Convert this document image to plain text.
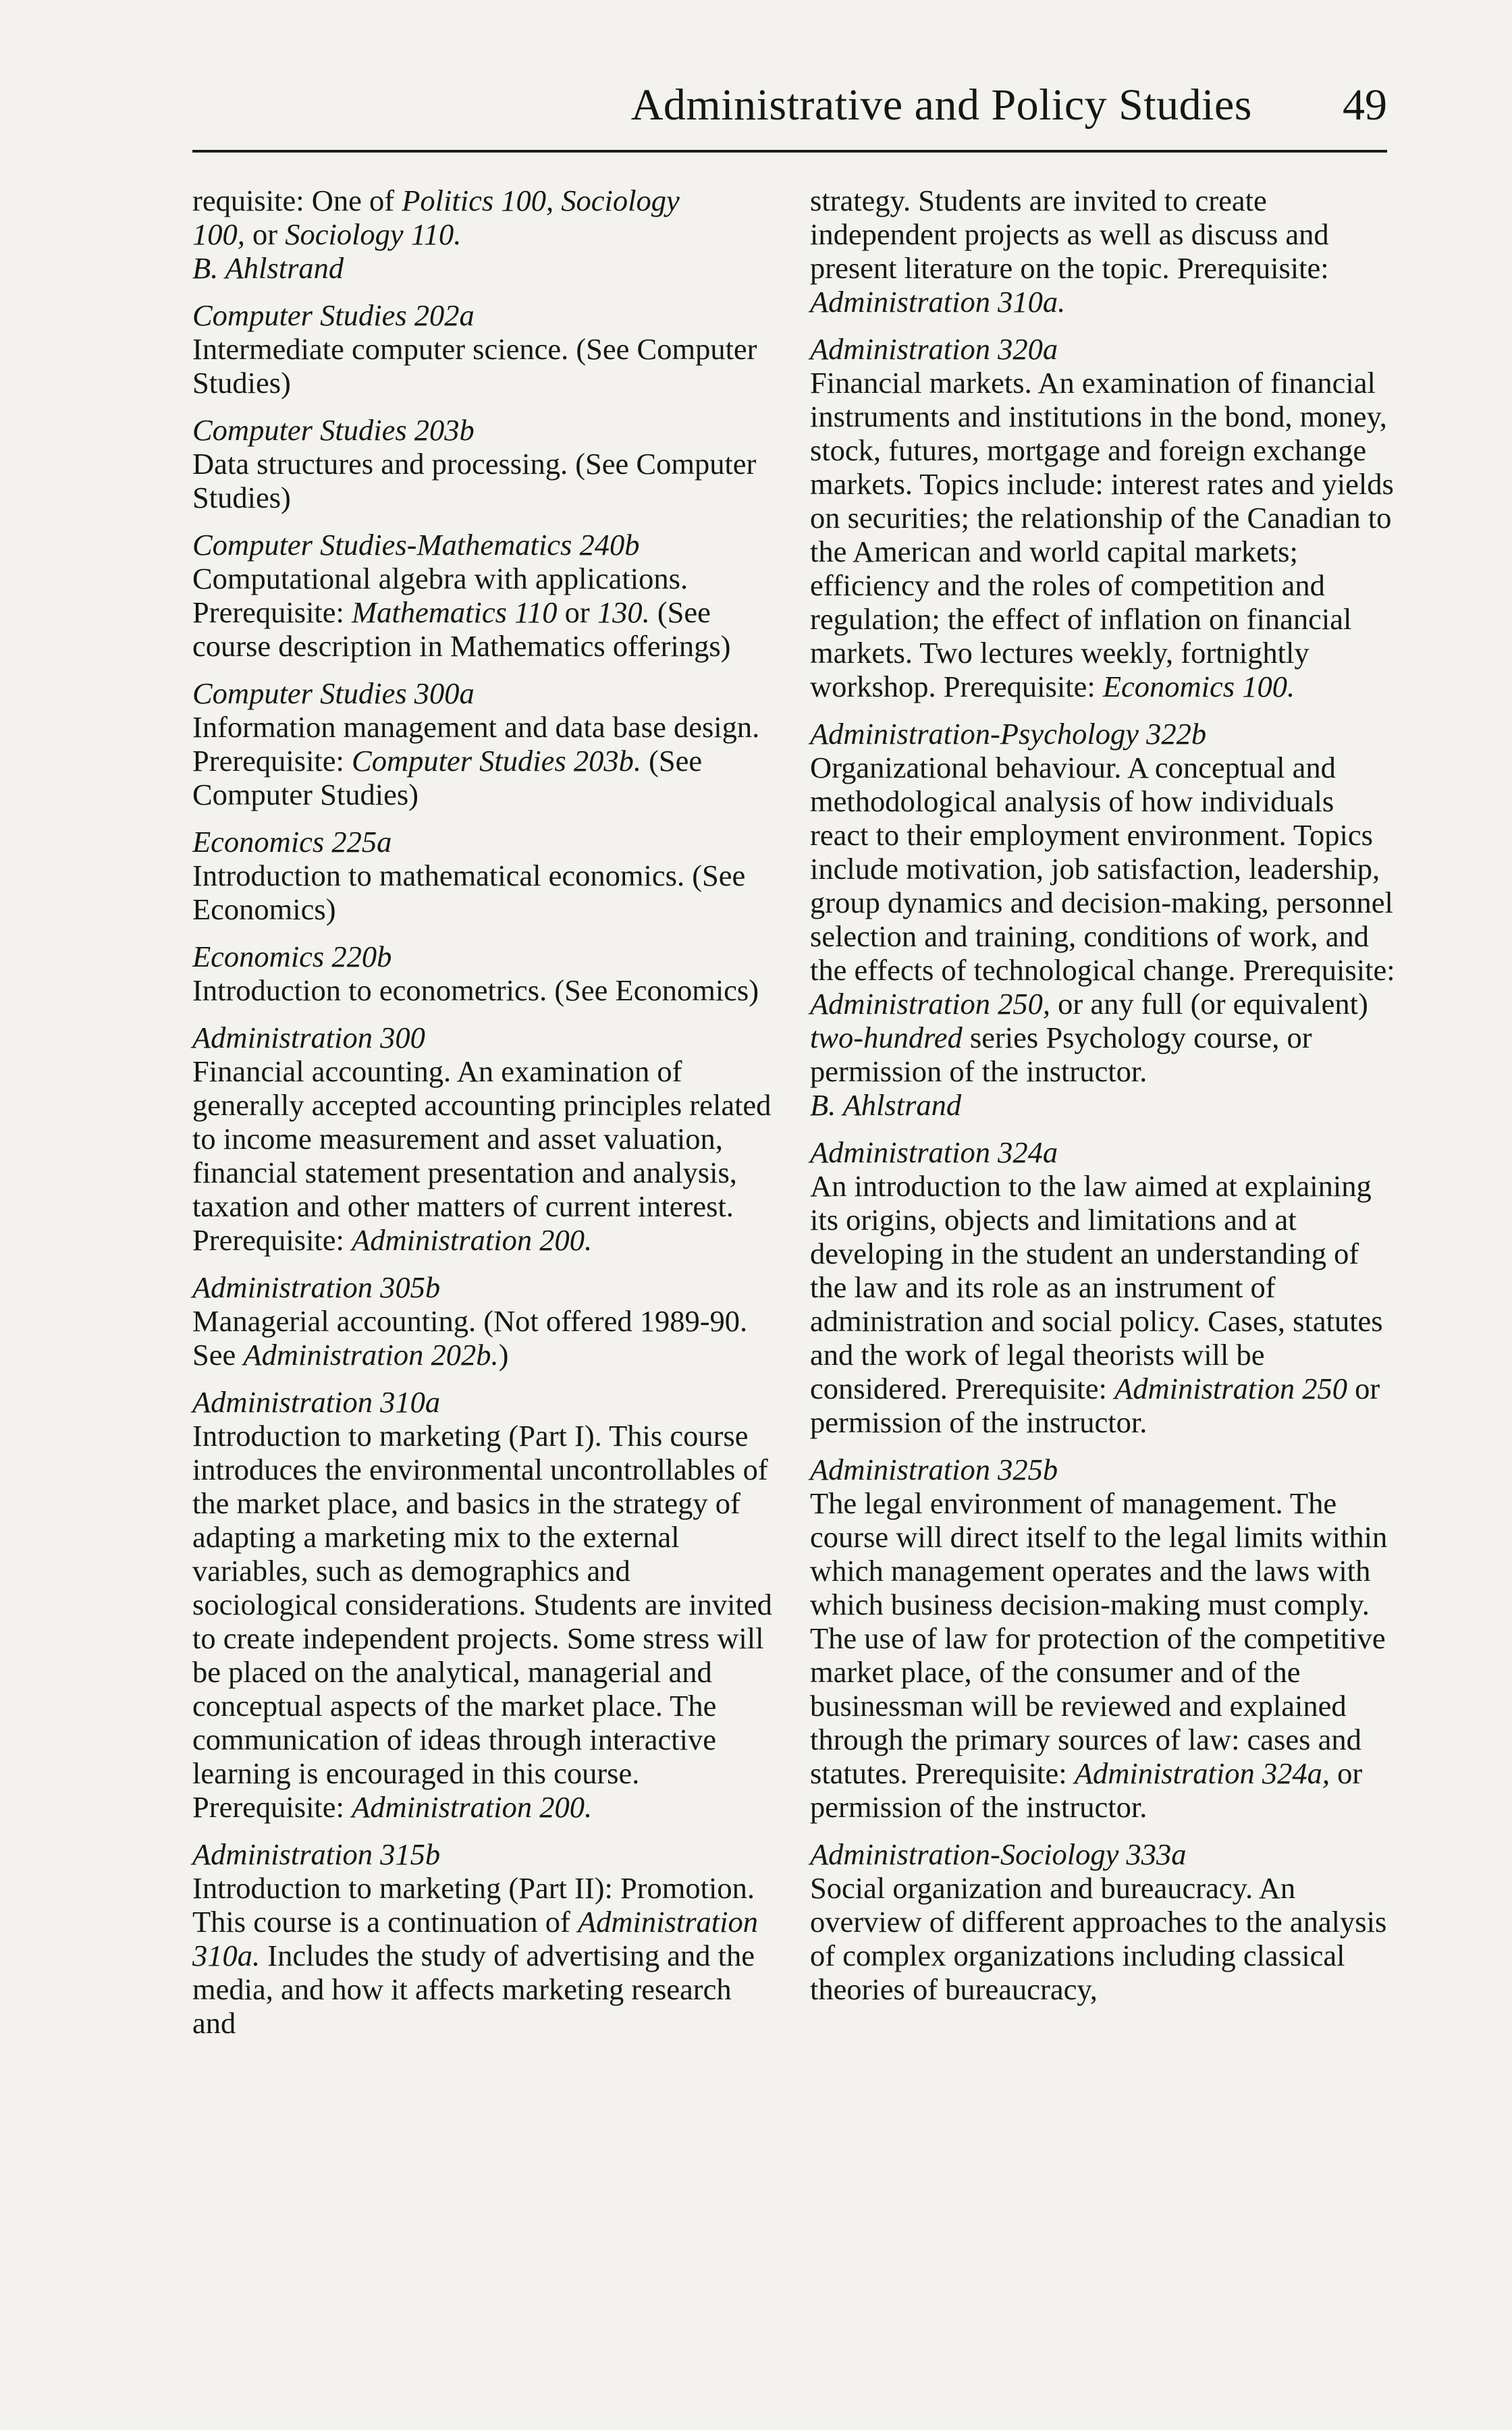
Administrative and Policy Studies 49
requisite: One of Politics 100, Sociology
100, or Sociology 110.
B. Ahlstrand
Computer Studies 202a
Intermediate computer science. (See Computer Studies)
Computer Studies 203b
Data structures and processing. (See Computer Studies)
Computer Studies-Mathematics 240b
Computational algebra with applications. Prerequisite: Mathematics 110 or 130. (See course description in Mathematics offerings)
Computer Studies 300a
Information management and data base design. Prerequisite: Computer Studies 203b. (See Computer Studies)
Economics 225a
Introduction to mathematical economics. (See Economics)
Economics 220b
Introduction to econometrics. (See Economics)
Administration 300
Financial accounting. An examination of generally accepted accounting principles related to income measurement and asset valuation, financial statement presentation and analysis, taxation and other matters of current interest. Prerequisite: Administration 200.
Administration 305b
Managerial accounting. (Not offered 1989-90. See Administration 202b.)
Administration 310a
Introduction to marketing (Part I). This course introduces the environmental uncontrollables of the market place, and basics in the strategy of adapting a marketing mix to the external variables, such as demographics and sociological considerations. Students are invited to create independent projects. Some stress will be placed on the analytical, managerial and conceptual aspects of the market place. The communication of ideas through interactive learning is encouraged in this course. Prerequisite: Administration 200.
Administration 315b
Introduction to marketing (Part II): Promotion. This course is a continuation of Administration 310a. Includes the study of advertising and the media, and how it affects marketing research and
strategy. Students are invited to create independent projects as well as discuss and present literature on the topic. Prerequisite: Administration 310a.
Administration 320a
Financial markets. An examination of financial instruments and institutions in the bond, money, stock, futures, mortgage and foreign exchange markets. Topics include: interest rates and yields on securities; the relationship of the Canadian to the American and world capital markets; efficiency and the roles of competition and regulation; the effect of inflation on financial markets. Two lectures weekly, fortnightly workshop. Prerequisite: Economics 100.
Administration-Psychology 322b
Organizational behaviour. A conceptual and methodological analysis of how individuals react to their employment environment. Topics include motivation, job satisfaction, leadership, group dynamics and decision-making, personnel selection and training, conditions of work, and the effects of technological change. Prerequisite: Administration 250, or any full (or equivalent) two-hundred series Psychology course, or permission of the instructor.
B. Ahlstrand
Administration 324a
An introduction to the law aimed at explaining its origins, objects and limitations and at developing in the student an understanding of the law and its role as an instrument of administration and social policy. Cases, statutes and the work of legal theorists will be considered. Prerequisite: Administration 250 or permission of the instructor.
Administration 325b
The legal environment of management. The course will direct itself to the legal limits within which management operates and the laws with which business decision-making must comply. The use of law for protection of the competitive market place, of the consumer and of the businessman will be reviewed and explained through the primary sources of law: cases and statutes. Prerequisite: Administration 324a, or permission of the instructor.
Administration-Sociology 333a
Social organization and bureaucracy. An overview of different approaches to the analysis of complex organizations including classical theories of bureaucracy,
